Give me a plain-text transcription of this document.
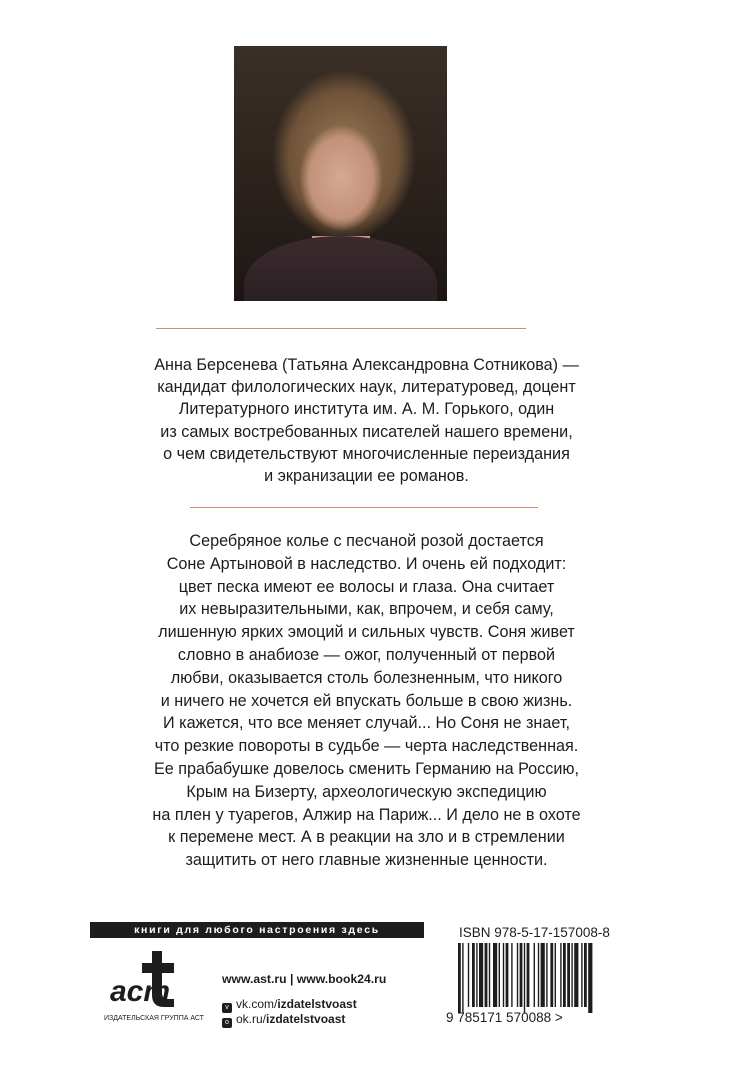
Анна Берсенева (Татьяна Александровна Сотникова) —
кандидат филологических наук, литературовед, доцент
Литературного института им. А. М. Горького, один
из самых востребованных писателей нашего времени,
о чем свидетельствуют многочисленные переиздания
и экранизации ее романов.
Серебряное колье с песчаной розой достается
Соне Артыновой в наследство. И очень ей подходит:
цвет песка имеют ее волосы и глаза. Она считает
их невыразительными, как, впрочем, и себя саму,
лишенную ярких эмоций и сильных чувств. Соня живет
словно в анабиозе — ожог, полученный от первой
любви, оказывается столь болезненным, что никого
и ничего не хочется ей впускать больше в свою жизнь.
И кажется, что все меняет случай... Но Соня не знает,
что резкие повороты в судьбе — черта наследственная.
Ее прабабушке довелось сменить Германию на Россию,
Крым на Бизерту, археологическую экспедицию
на плен у туарегов, Алжир на Париж... И дело не в охоте
к перемене мест. А в реакции на зло и в стремлении
защитить от него главные жизненные ценности.
книги для любого настроения здесь
аст
ИЗДАТЕЛЬСКАЯ ГРУППА АСТ
www.ast.ru | www.book24.ru
v vk.com/izdatelstvoast
o ok.ru/izdatelstvoast
ISBN 978-5-17-157008-8
9 785171 570088 >
